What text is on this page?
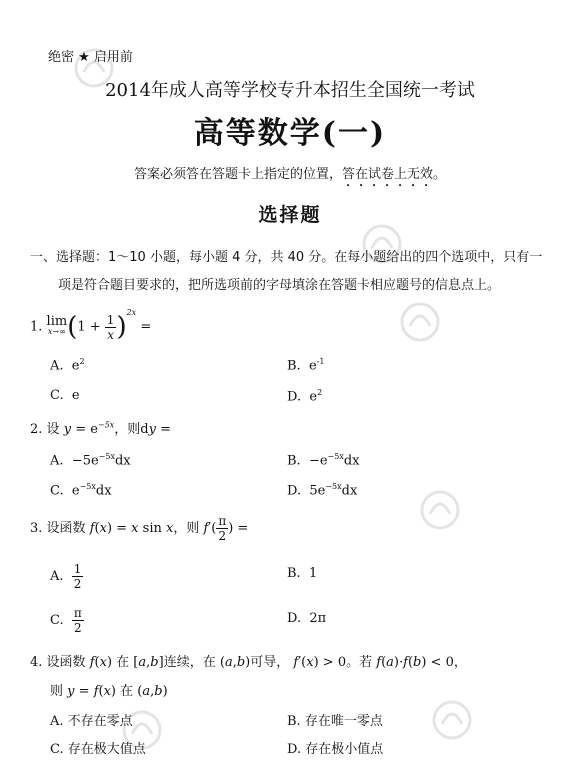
绝密 ★ 启用前
2014年成人高等学校专升本招生全国统一考试
高等数学(一)
答案必须答在答题卡上指定的位置，答在试卷上无效。
选择题
一、选择题：1～10 小题，每小题 4 分，共 40 分。在每小题给出的四个选项中，只有一
项是符合题目要求的，把所选项前的字母填涂在答题卡相应题号的信息点上。
1. lim
x→∞ $(1 + \frac{1}{x} )^{2x}$ =
A. $e^2$	B. $e^{-1}$
C. e	D. $e^2$
2. 设 $y = e^{-5x}$，则dy =
A. $-5e^{-5x}dx$	B. $-e^{-5x}dx$
C. $e^{-5x}dx$	D. $5e^{-5x}dx$
3. 设函数 f(x) = x sin x，则 $f'( \frac{\pi}{2}$ ) =
A. $\frac{1}{2}$	B. 1
C. $\frac{\pi}{2}$	D. 2π
4. 设函数 f(x) 在 [a,b]连续，在 (a,b)可导， f′(x) > 0。若 f(a)·f(b) < 0，
则 y = f(x) 在 (a,b)
A. 不存在零点	B. 存在唯一零点
C. 存在极大值点	D. 存在极小值点
